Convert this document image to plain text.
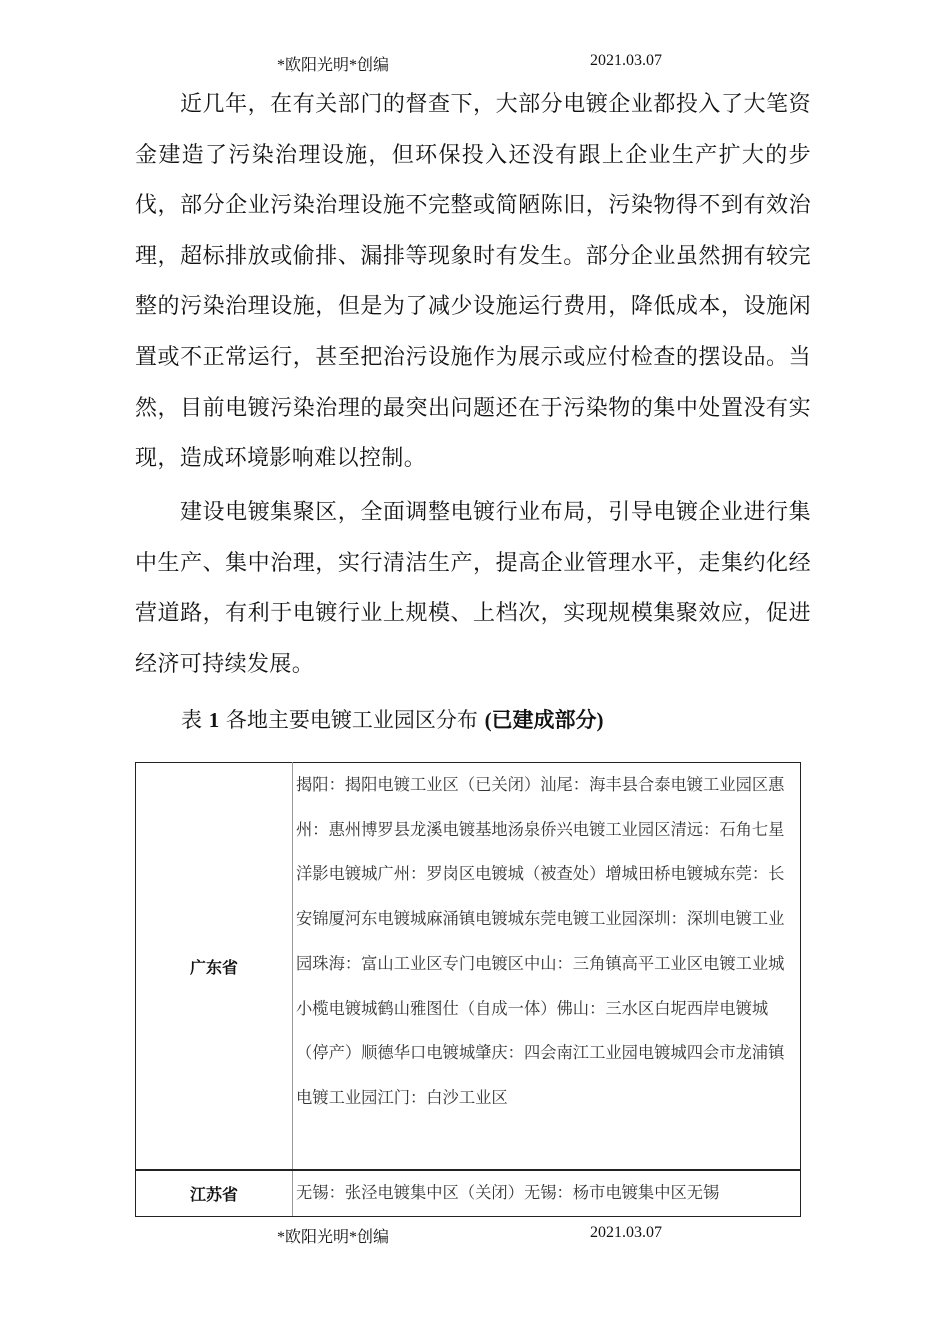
*欧阳光明*创编	2021.03.07

近几年，在有关部门的督查下，大部分电镀企业都投入了大笔资金建造了污染治理设施，但环保投入还没有跟上企业生产扩大的步伐，部分企业污染治理设施不完整或简陋陈旧，污染物得不到有效治理，超标排放或偷排、漏排等现象时有发生。部分企业虽然拥有较完整的污染治理设施，但是为了减少设施运行费用，降低成本，设施闲置或不正常运行，甚至把治污设施作为展示或应付检查的摆设品。当然，目前电镀污染治理的最突出问题还在于污染物的集中处置没有实现，造成环境影响难以控制。

建设电镀集聚区，全面调整电镀行业布局，引导电镀企业进行集中生产、集中治理，实行清洁生产，提高企业管理水平，走集约化经营道路，有利于电镀行业上规模、上档次，实现规模集聚效应，促进经济可持续发展。

表 1 各地主要电镀工业园区分布 (已建成部分)
广东省	揭阳：揭阳电镀工业区（已关闭）汕尾：海丰县合泰电镀工业园区惠州：惠州博罗县龙溪电镀基地汤泉侨兴电镀工业园区清远：石角七星洋影电镀城广州：罗岗区电镀城（被查处）增城田桥电镀城东莞：长安锦厦河东电镀城麻涌镇电镀城东莞电镀工业园深圳：深圳电镀工业园珠海：富山工业区专门电镀区中山：三角镇高平工业区电镀工业城小榄电镀城鹤山雅图仕（自成一体）佛山：三水区白坭西岸电镀城（停产）顺德华口电镀城肇庆：四会南江工业园电镀城四会市龙浦镇电镀工业园江门：白沙工业区
江苏省	无锡：张泾电镀集中区（关闭）无锡：杨市电镀集中区无锡
*欧阳光明*创编	2021.03.07
